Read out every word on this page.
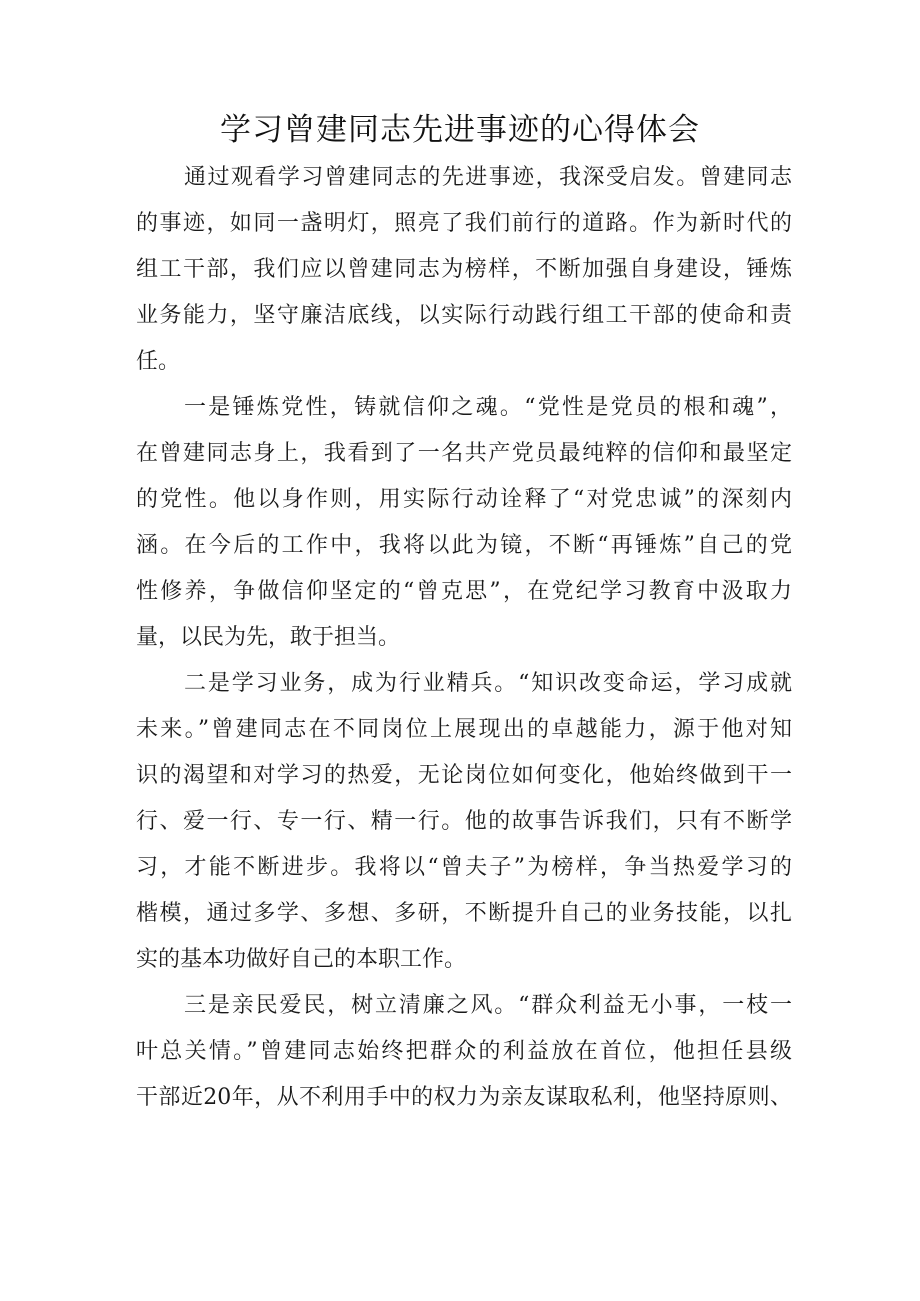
学习曾建同志先进事迹的心得体会
通过观看学习曾建同志的先进事迹，我深受启发。曾建同志
的事迹，如同一盏明灯，照亮了我们前行的道路。作为新时代的
组工干部，我们应以曾建同志为榜样，不断加强自身建设，锤炼
业务能力，坚守廉洁底线，以实际行动践行组工干部的使命和责
任。
一是锤炼党性，铸就信仰之魂。“党性是党员的根和魂”，
在曾建同志身上，我看到了一名共产党员最纯粹的信仰和最坚定
的党性。他以身作则，用实际行动诠释了“对党忠诚”的深刻内
涵。在今后的工作中，我将以此为镜，不断“再锤炼”自己的党
性修养，争做信仰坚定的“曾克思”，在党纪学习教育中汲取力
量，以民为先，敢于担当。
二是学习业务，成为行业精兵。“知识改变命运，学习成就
未来。”曾建同志在不同岗位上展现出的卓越能力，源于他对知
识的渴望和对学习的热爱，无论岗位如何变化，他始终做到干一
行、爱一行、专一行、精一行。他的故事告诉我们，只有不断学
习，才能不断进步。我将以“曾夫子”为榜样，争当热爱学习的
楷模，通过多学、多想、多研，不断提升自己的业务技能，以扎
实的基本功做好自己的本职工作。
三是亲民爱民，树立清廉之风。“群众利益无小事，一枝一
叶总关情。”曾建同志始终把群众的利益放在首位，他担任县级
干部近20年，从不利用手中的权力为亲友谋取私利，他坚持原则、
